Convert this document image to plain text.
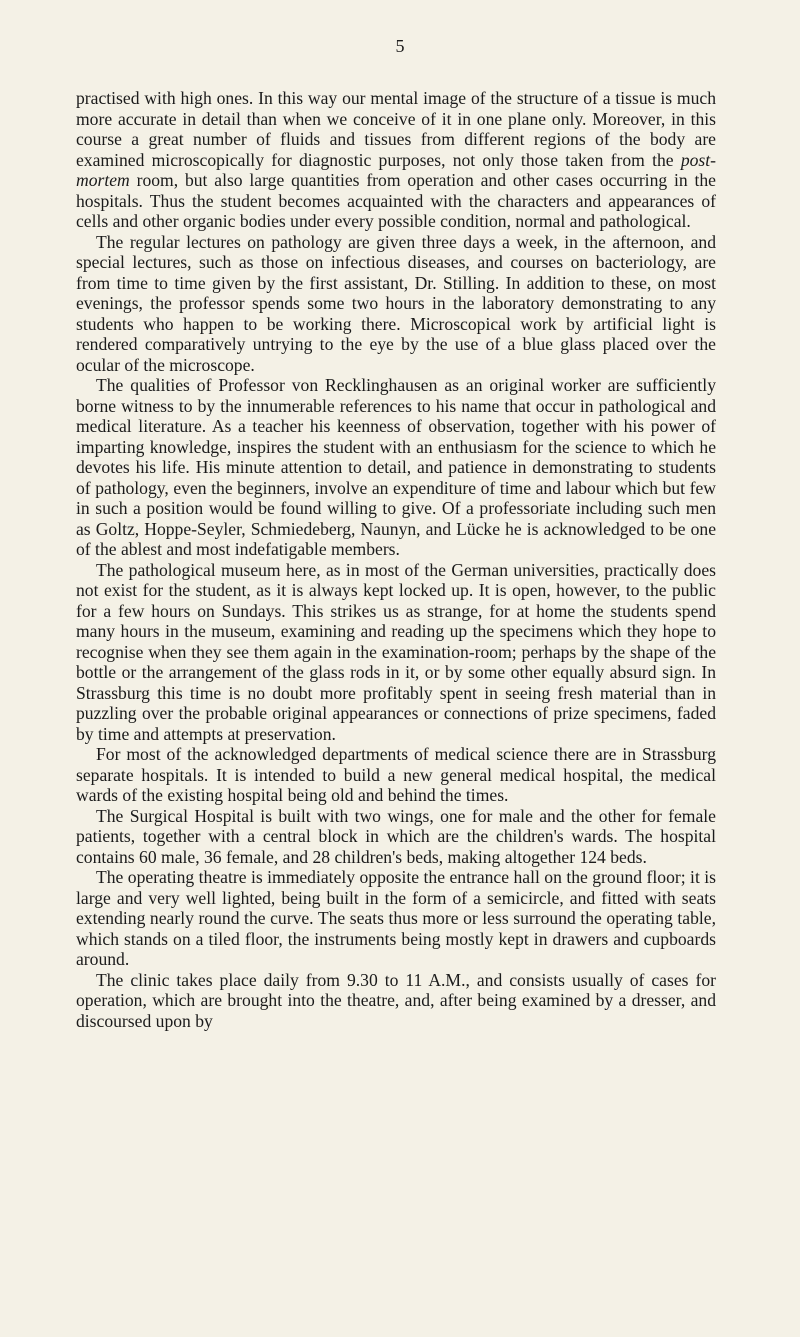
5

practised with high ones. In this way our mental image of the structure of a tissue is much more accurate in detail than when we conceive of it in one plane only. Moreover, in this course a great number of fluids and tissues from different regions of the body are examined microscopically for diagnostic purposes, not only those taken from the post-mortem room, but also large quantities from operation and other cases occurring in the hospitals. Thus the student becomes acquainted with the characters and appearances of cells and other organic bodies under every possible condition, normal and pathological.

The regular lectures on pathology are given three days a week, in the afternoon, and special lectures, such as those on infectious diseases, and courses on bacteriology, are from time to time given by the first assistant, Dr. Stilling. In addition to these, on most evenings, the professor spends some two hours in the laboratory demonstrating to any students who happen to be working there. Microscopical work by artificial light is rendered comparatively untrying to the eye by the use of a blue glass placed over the ocular of the microscope.

The qualities of Professor von Recklinghausen as an original worker are sufficiently borne witness to by the innumerable references to his name that occur in pathological and medical literature. As a teacher his keenness of observation, together with his power of imparting knowledge, inspires the student with an enthusiasm for the science to which he devotes his life. His minute attention to detail, and patience in demonstrating to students of pathology, even the beginners, involve an expenditure of time and labour which but few in such a position would be found willing to give. Of a professoriate including such men as Goltz, Hoppe-Seyler, Schmiedeberg, Naunyn, and Lücke he is acknowledged to be one of the ablest and most indefatigable members.

The pathological museum here, as in most of the German universities, practically does not exist for the student, as it is always kept locked up. It is open, however, to the public for a few hours on Sundays. This strikes us as strange, for at home the students spend many hours in the museum, examining and reading up the specimens which they hope to recognise when they see them again in the examination-room; perhaps by the shape of the bottle or the arrangement of the glass rods in it, or by some other equally absurd sign. In Strassburg this time is no doubt more profitably spent in seeing fresh material than in puzzling over the probable original appearances or connections of prize specimens, faded by time and attempts at preservation.

For most of the acknowledged departments of medical science there are in Strassburg separate hospitals. It is intended to build a new general medical hospital, the medical wards of the existing hospital being old and behind the times.

The Surgical Hospital is built with two wings, one for male and the other for female patients, together with a central block in which are the children's wards. The hospital contains 60 male, 36 female, and 28 children's beds, making altogether 124 beds.

The operating theatre is immediately opposite the entrance hall on the ground floor; it is large and very well lighted, being built in the form of a semicircle, and fitted with seats extending nearly round the curve. The seats thus more or less surround the operating table, which stands on a tiled floor, the instruments being mostly kept in drawers and cupboards around.

The clinic takes place daily from 9.30 to 11 A.M., and consists usually of cases for operation, which are brought into the theatre, and, after being examined by a dresser, and discoursed upon by
